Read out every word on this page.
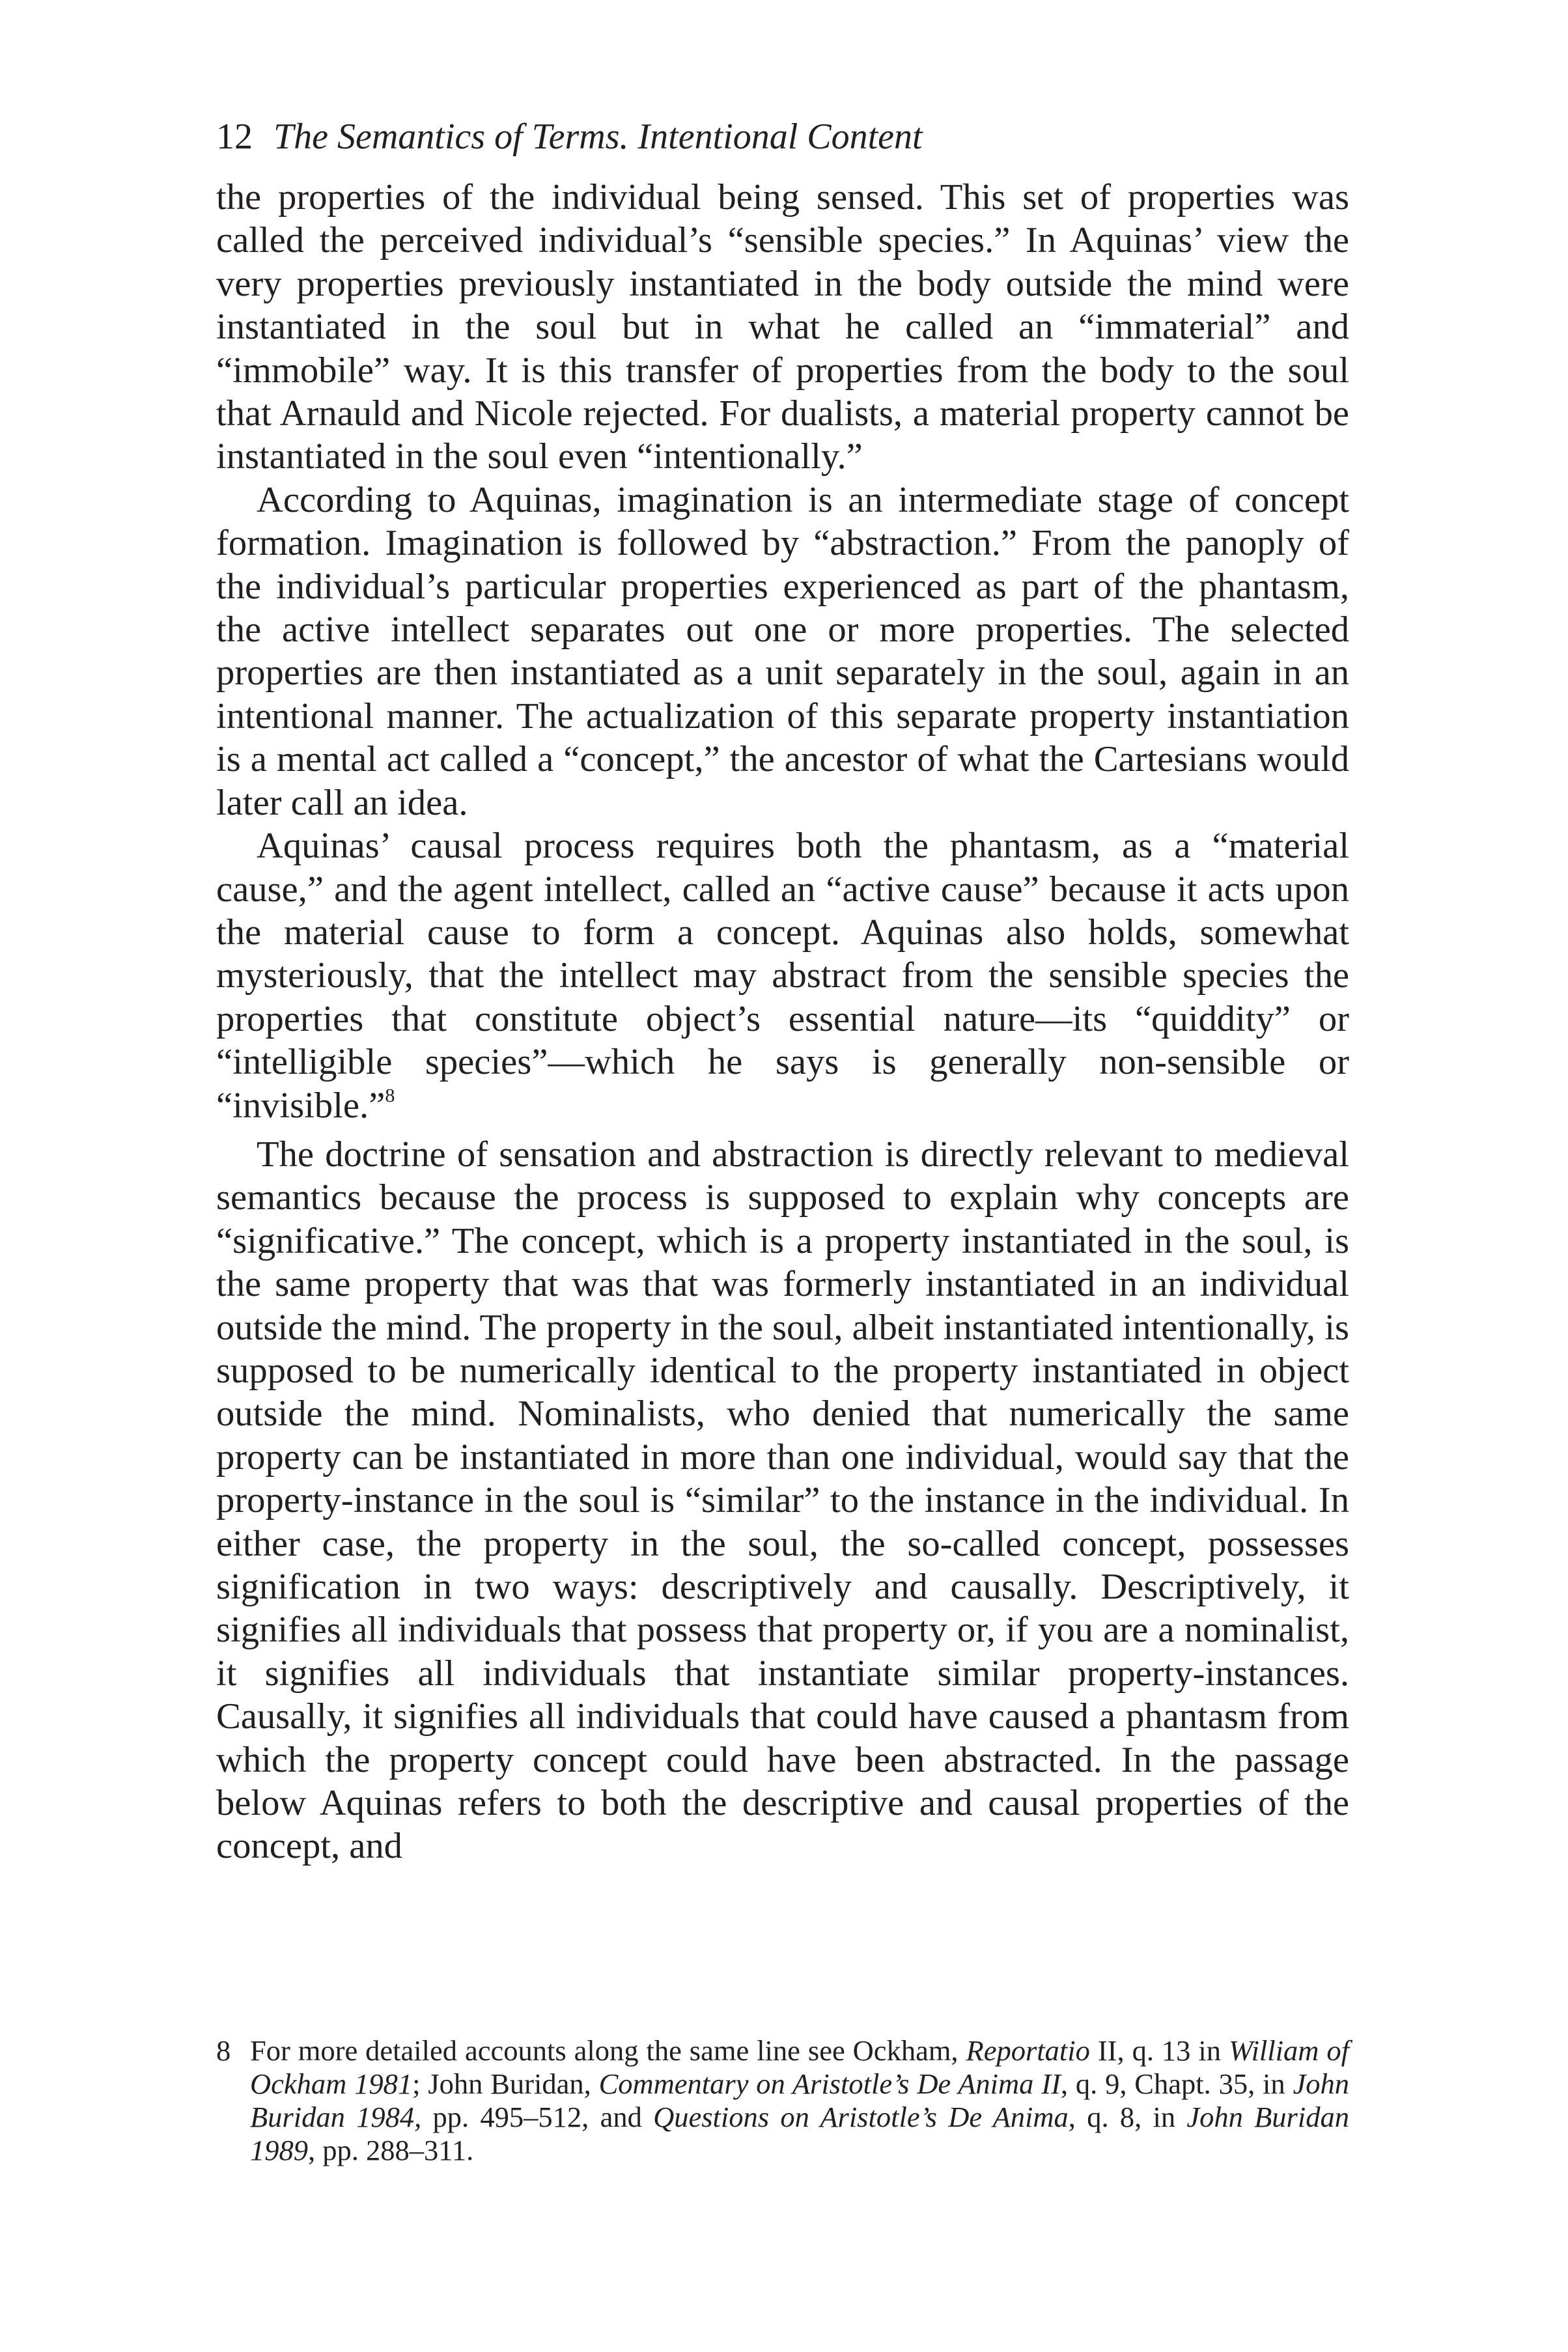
12 The Semantics of Terms. Intentional Content

the properties of the individual being sensed. This set of properties was called the perceived individual’s “sensible species.” In Aquinas’ view the very properties previously instantiated in the body outside the mind were instantiated in the soul but in what he called an “immaterial” and “immobile” way. It is this transfer of properties from the body to the soul that Arnauld and Nicole rejected. For dualists, a material property cannot be instantiated in the soul even “intentionally.”

According to Aquinas, imagination is an intermediate stage of concept formation. Imagination is followed by “abstraction.” From the panoply of the individual’s particular properties experienced as part of the phantasm, the active intellect separates out one or more properties. The selected properties are then instantiated as a unit separately in the soul, again in an intentional manner. The actualization of this separate property instantiation is a mental act called a “concept,” the ancestor of what the Cartesians would later call an idea.

Aquinas’ causal process requires both the phantasm, as a “material cause,” and the agent intellect, called an “active cause” because it acts upon the material cause to form a concept. Aquinas also holds, somewhat mysteriously, that the intellect may abstract from the sensible species the properties that constitute object’s essential nature—its “quiddity” or “intelligible species”—which he says is generally non-sensible or “invisible.”$^8$

The doctrine of sensation and abstraction is directly relevant to medieval semantics because the process is supposed to explain why concepts are “significative.” The concept, which is a property instantiated in the soul, is the same property that was that was formerly instantiated in an individual outside the mind. The property in the soul, albeit instantiated intentionally, is supposed to be numerically identical to the property instantiated in object outside the mind. Nominalists, who denied that numerically the same property can be instantiated in more than one individual, would say that the property-instance in the soul is “similar” to the instance in the individual. In either case, the property in the soul, the so-called concept, possesses signification in two ways: descriptively and causally. Descriptively, it signifies all individuals that possess that property or, if you are a nominalist, it signifies all individuals that instantiate similar property-instances. Causally, it signifies all individuals that could have caused a phantasm from which the property concept could have been abstracted. In the passage below Aquinas refers to both the descriptive and causal properties of the concept, and

8 For more detailed accounts along the same line see Ockham, Reportatio II, q. 13 in William of Ockham 1981; John Buridan, Commentary on Aristotle’s De Anima II, q. 9, Chapt. 35, in John Buridan 1984, pp. 495–512, and Questions on Aristotle’s De Anima, q. 8, in John Buridan 1989, pp. 288–311.
